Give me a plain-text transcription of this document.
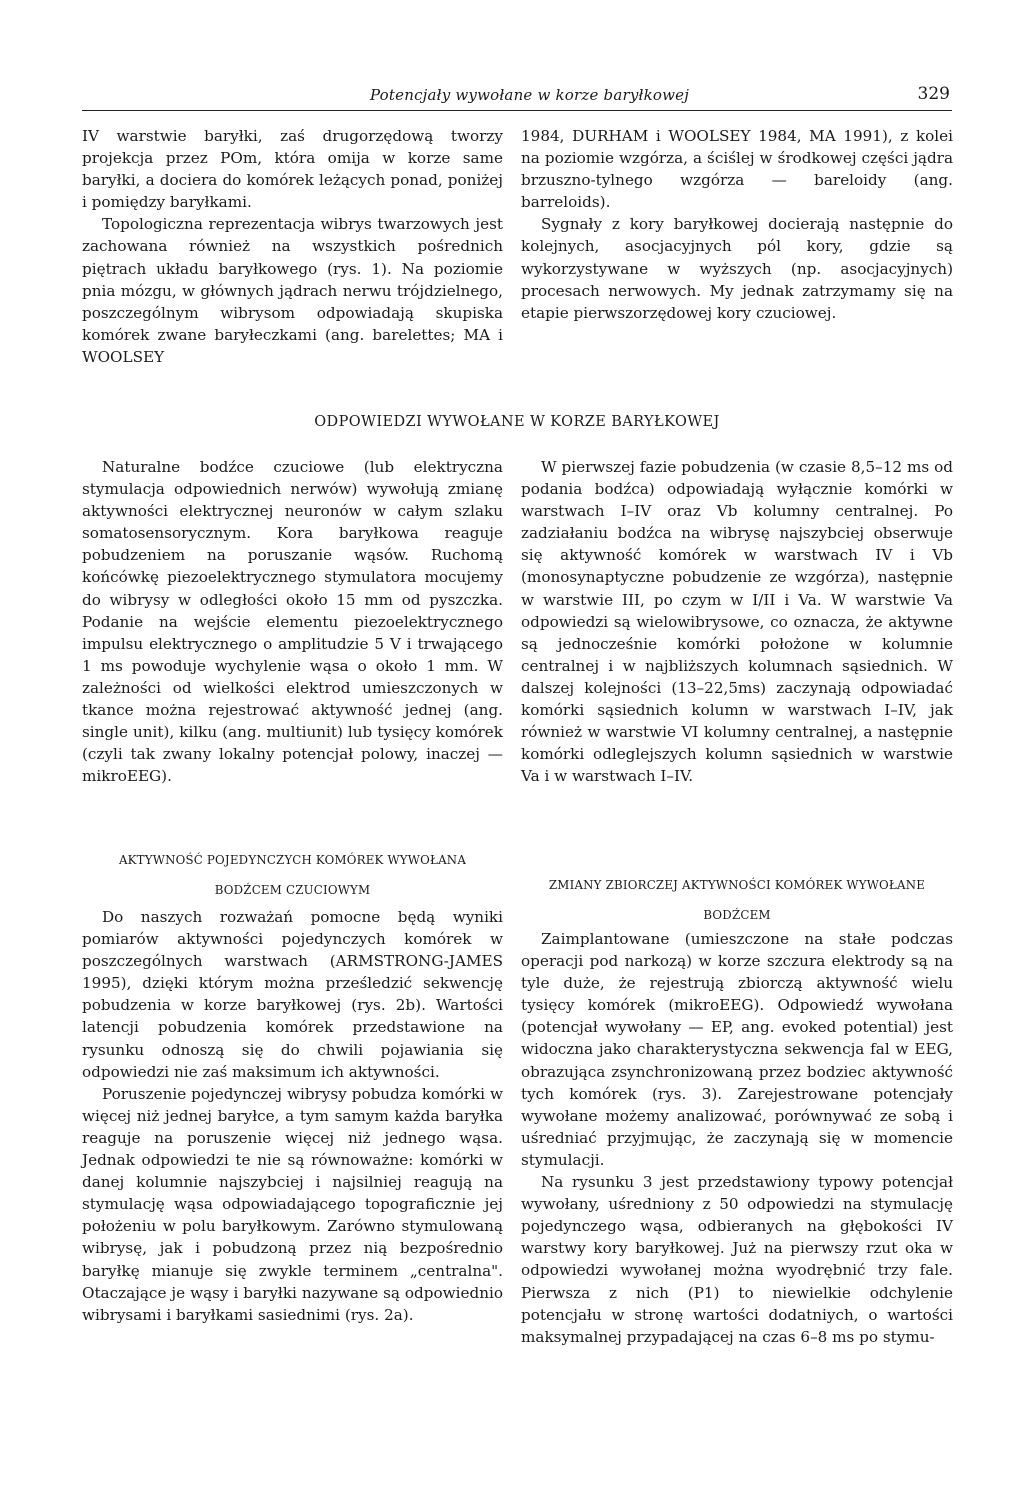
Potencjały wywołane w korze baryłkowej	329

IV warstwie baryłki, zaś drugorzędową tworzy projekcja przez POm, która omija w korze same baryłki, a dociera do komórek leżących ponad, poniżej i pomiędzy baryłkami.

Topologiczna reprezentacja wibrys twarzowych jest zachowana również na wszystkich pośrednich piętrach układu baryłkowego (rys. 1). Na poziomie pnia mózgu, w głównych jądrach nerwu trójdzielnego, poszczególnym wibrysom odpowiadają skupiska komórek zwane baryłeczkami (ang. barelettes; MA i WOOLSEY

1984, DURHAM i WOOLSEY 1984, MA 1991), z kolei na poziomie wzgórza, a ściślej w środkowej części jądra brzuszno-tylnego wzgórza — bareloidy (ang. barreloids).

Sygnały z kory baryłkowej docierają następnie do kolejnych, asocjacyjnych pól kory, gdzie są wykorzystywane w wyższych (np. asocjacyjnych) procesach nerwowych. My jednak zatrzymamy się na etapie pierwszorzędowej kory czuciowej.

ODPOWIEDZI WYWOŁANE W KORZE BARYŁKOWEJ

Naturalne bodźce czuciowe (lub elektryczna stymulacja odpowiednich nerwów) wywołują zmianę aktywności elektrycznej neuronów w całym szlaku somatosensorycznym. Kora baryłkowa reaguje pobudzeniem na poruszanie wąsów. Ruchomą końcówkę piezoelektrycznego stymulatora mocujemy do wibrysy w odległości około 15 mm od pyszczka. Podanie na wejście elementu piezoelektrycznego impulsu elektrycznego o amplitudzie 5 V i trwającego 1 ms powoduje wychylenie wąsa o około 1 mm. W zależności od wielkości elektrod umieszczonych w tkance można rejestrować aktywność jednej (ang. single unit), kilku (ang. multiunit) lub tysięcy komórek (czyli tak zwany lokalny potencjał polowy, inaczej — mikroEEG).

AKTYWNOŚĆ POJEDYNCZYCH KOMÓREK WYWOŁANA
BODŹCEM CZUCIOWYM

Do naszych rozważań pomocne będą wyniki pomiarów aktywności pojedynczych komórek w poszczególnych warstwach (ARMSTRONG-JAMES 1995), dzięki którym można prześledzić sekwencję pobudzenia w korze baryłkowej (rys. 2b). Wartości latencji pobudzenia komórek przedstawione na rysunku odnoszą się do chwili pojawiania się odpowiedzi nie zaś maksimum ich aktywności.

Poruszenie pojedynczej wibrysy pobudza komórki w więcej niż jednej baryłce, a tym samym każda baryłka reaguje na poruszenie więcej niż jednego wąsa. Jednak odpowiedzi te nie są równoważne: komórki w danej kolumnie najszybciej i najsilniej reagują na stymulację wąsa odpowiadającego topograficznie jej położeniu w polu baryłkowym. Zarówno stymulowaną wibrysę, jak i pobudzoną przez nią bezpośrednio baryłkę mianuje się zwykle terminem „centralna". Otaczające je wąsy i baryłki nazywane są odpowiednio wibrysami i baryłkami sasiednimi (rys. 2a).

W pierwszej fazie pobudzenia (w czasie 8,5–12 ms od podania bodźca) odpowiadają wyłącznie komórki w warstwach I–IV oraz Vb kolumny centralnej. Po zadziałaniu bodźca na wibrysę najszybciej obserwuje się aktywność komórek w warstwach IV i Vb (monosynaptyczne pobudzenie ze wzgórza), następnie w warstwie III, po czym w I/II i Va. W warstwie Va odpowiedzi są wielowibrysowe, co oznacza, że aktywne są jednocześnie komórki położone w kolumnie centralnej i w najbliższych kolumnach sąsiednich. W dalszej kolejności (13–22,5ms) zaczynają odpowiadać komórki sąsiednich kolumn w warstwach I–IV, jak również w warstwie VI kolumny centralnej, a następnie komórki odleglejszych kolumn sąsiednich w warstwie Va i w warstwach I–IV.

ZMIANY ZBIORCZEJ AKTYWNOŚCI KOMÓREK WYWOŁANE
BODŹCEM

Zaimplantowane (umieszczone na stałe podczas operacji pod narkozą) w korze szczura elektrody są na tyle duże, że rejestrują zbiorczą aktywność wielu tysięcy komórek (mikroEEG). Odpowiedź wywołana (potencjał wywołany — EP, ang. evoked potential) jest widoczna jako charakterystyczna sekwencja fal w EEG, obrazująca zsynchronizowaną przez bodziec aktywność tych komórek (rys. 3). Zarejestrowane potencjały wywołane możemy analizować, porównywać ze sobą i uśredniać przyjmując, że zaczynają się w momencie stymulacji.

Na rysunku 3 jest przedstawiony typowy potencjał wywołany, uśredniony z 50 odpowiedzi na stymulację pojedynczego wąsa, odbieranych na głębokości IV warstwy kory baryłkowej. Już na pierwszy rzut oka w odpowiedzi wywołanej można wyodrębnić trzy fale. Pierwsza z nich (P1) to niewielkie odchylenie potencjału w stronę wartości dodatniych, o wartości maksymalnej przypadającej na czas 6–8 ms po stymu-
